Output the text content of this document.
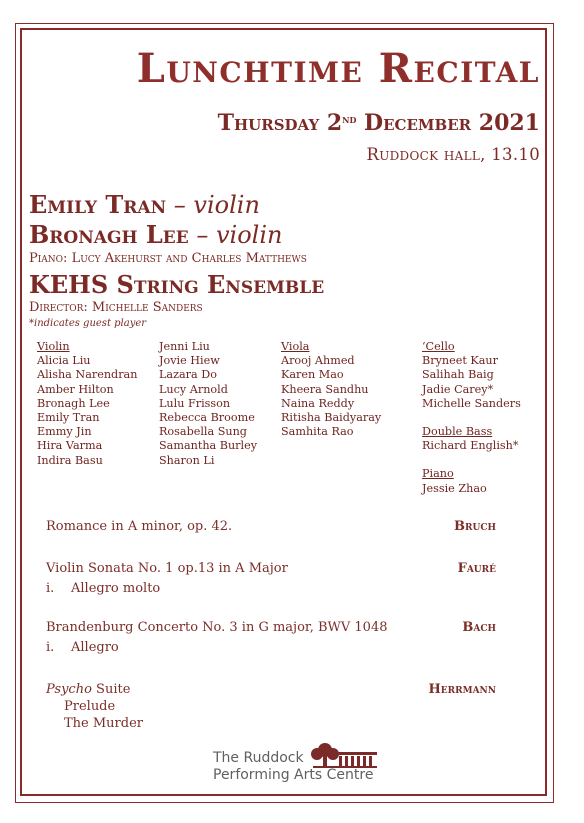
Lunchtime Recital
Thursday 2nd December 2021
Ruddock hall, 13.10
Emily Tran – violin
Bronagh Lee – violin
Piano: Lucy Akehurst and Charles Matthews
KEHS String Ensemble
Director: Michelle Sanders
*indicates guest player
Violin
Alicia Liu
Alisha Narendran
Amber Hilton
Bronagh Lee
Emily Tran
Emmy Jin
Hira Varma
Indira Basu
Jenni Liu
Jovie Hiew
Lazara Do
Lucy Arnold
Lulu Frisson
Rebecca Broome
Rosabella Sung
Samantha Burley
Sharon Li
Viola
Arooj Ahmed
Karen Mao
Kheera Sandhu
Naina Reddy
Ritisha Baidyaray
Samhita Rao
‘Cello
Bryneet Kaur
Salihah Baig
Jadie Carey*
Michelle Sanders
Double Bass
Richard English*
Piano
Jessie Zhao
Romance in A minor, op. 42.	Bruch
Violin Sonata No. 1 op.13 in A Major	Fauré
i. Allegro molto
Brandenburg Concerto No. 3 in G major, BWV 1048	Bach
i. Allegro
Psycho Suite	Herrmann
Prelude
The Murder
The Ruddock
Performing Arts Centre
